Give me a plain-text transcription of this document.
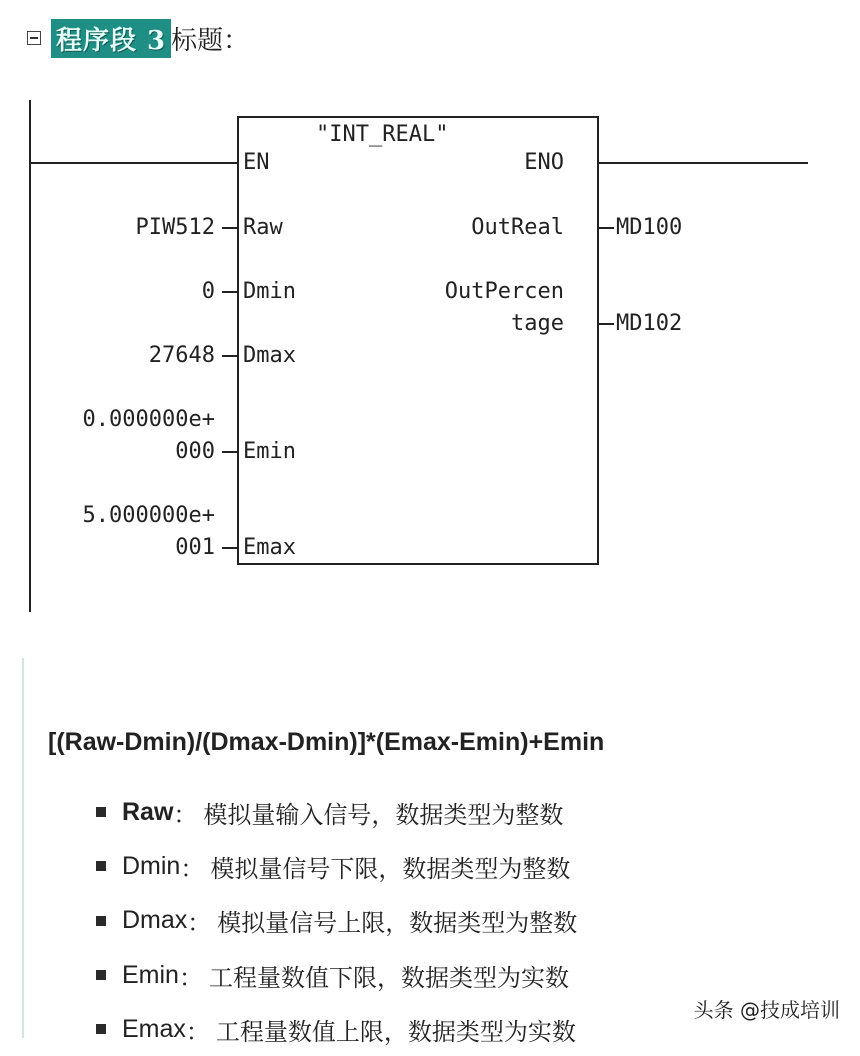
程序段 3 标题：
"INT_REAL"
EN
Raw
Dmin
Dmax
Emin
Emax
ENO
OutReal
OutPercen
tage
PIW512
0
27648
0.000000e+
000
5.000000e+
001
MD100
MD102
[(Raw-Dmin)/(Dmax-Dmin)]*(Emax-Emin)+Emin
Raw ： 模拟量输入信号，数据类型为整数
Dmin ： 模拟量信号下限，数据类型为整数
Dmax ： 模拟量信号上限，数据类型为整数
Emin ： 工程量数值下限，数据类型为实数
Emax ： 工程量数值上限，数据类型为实数
头条 @技成培训
